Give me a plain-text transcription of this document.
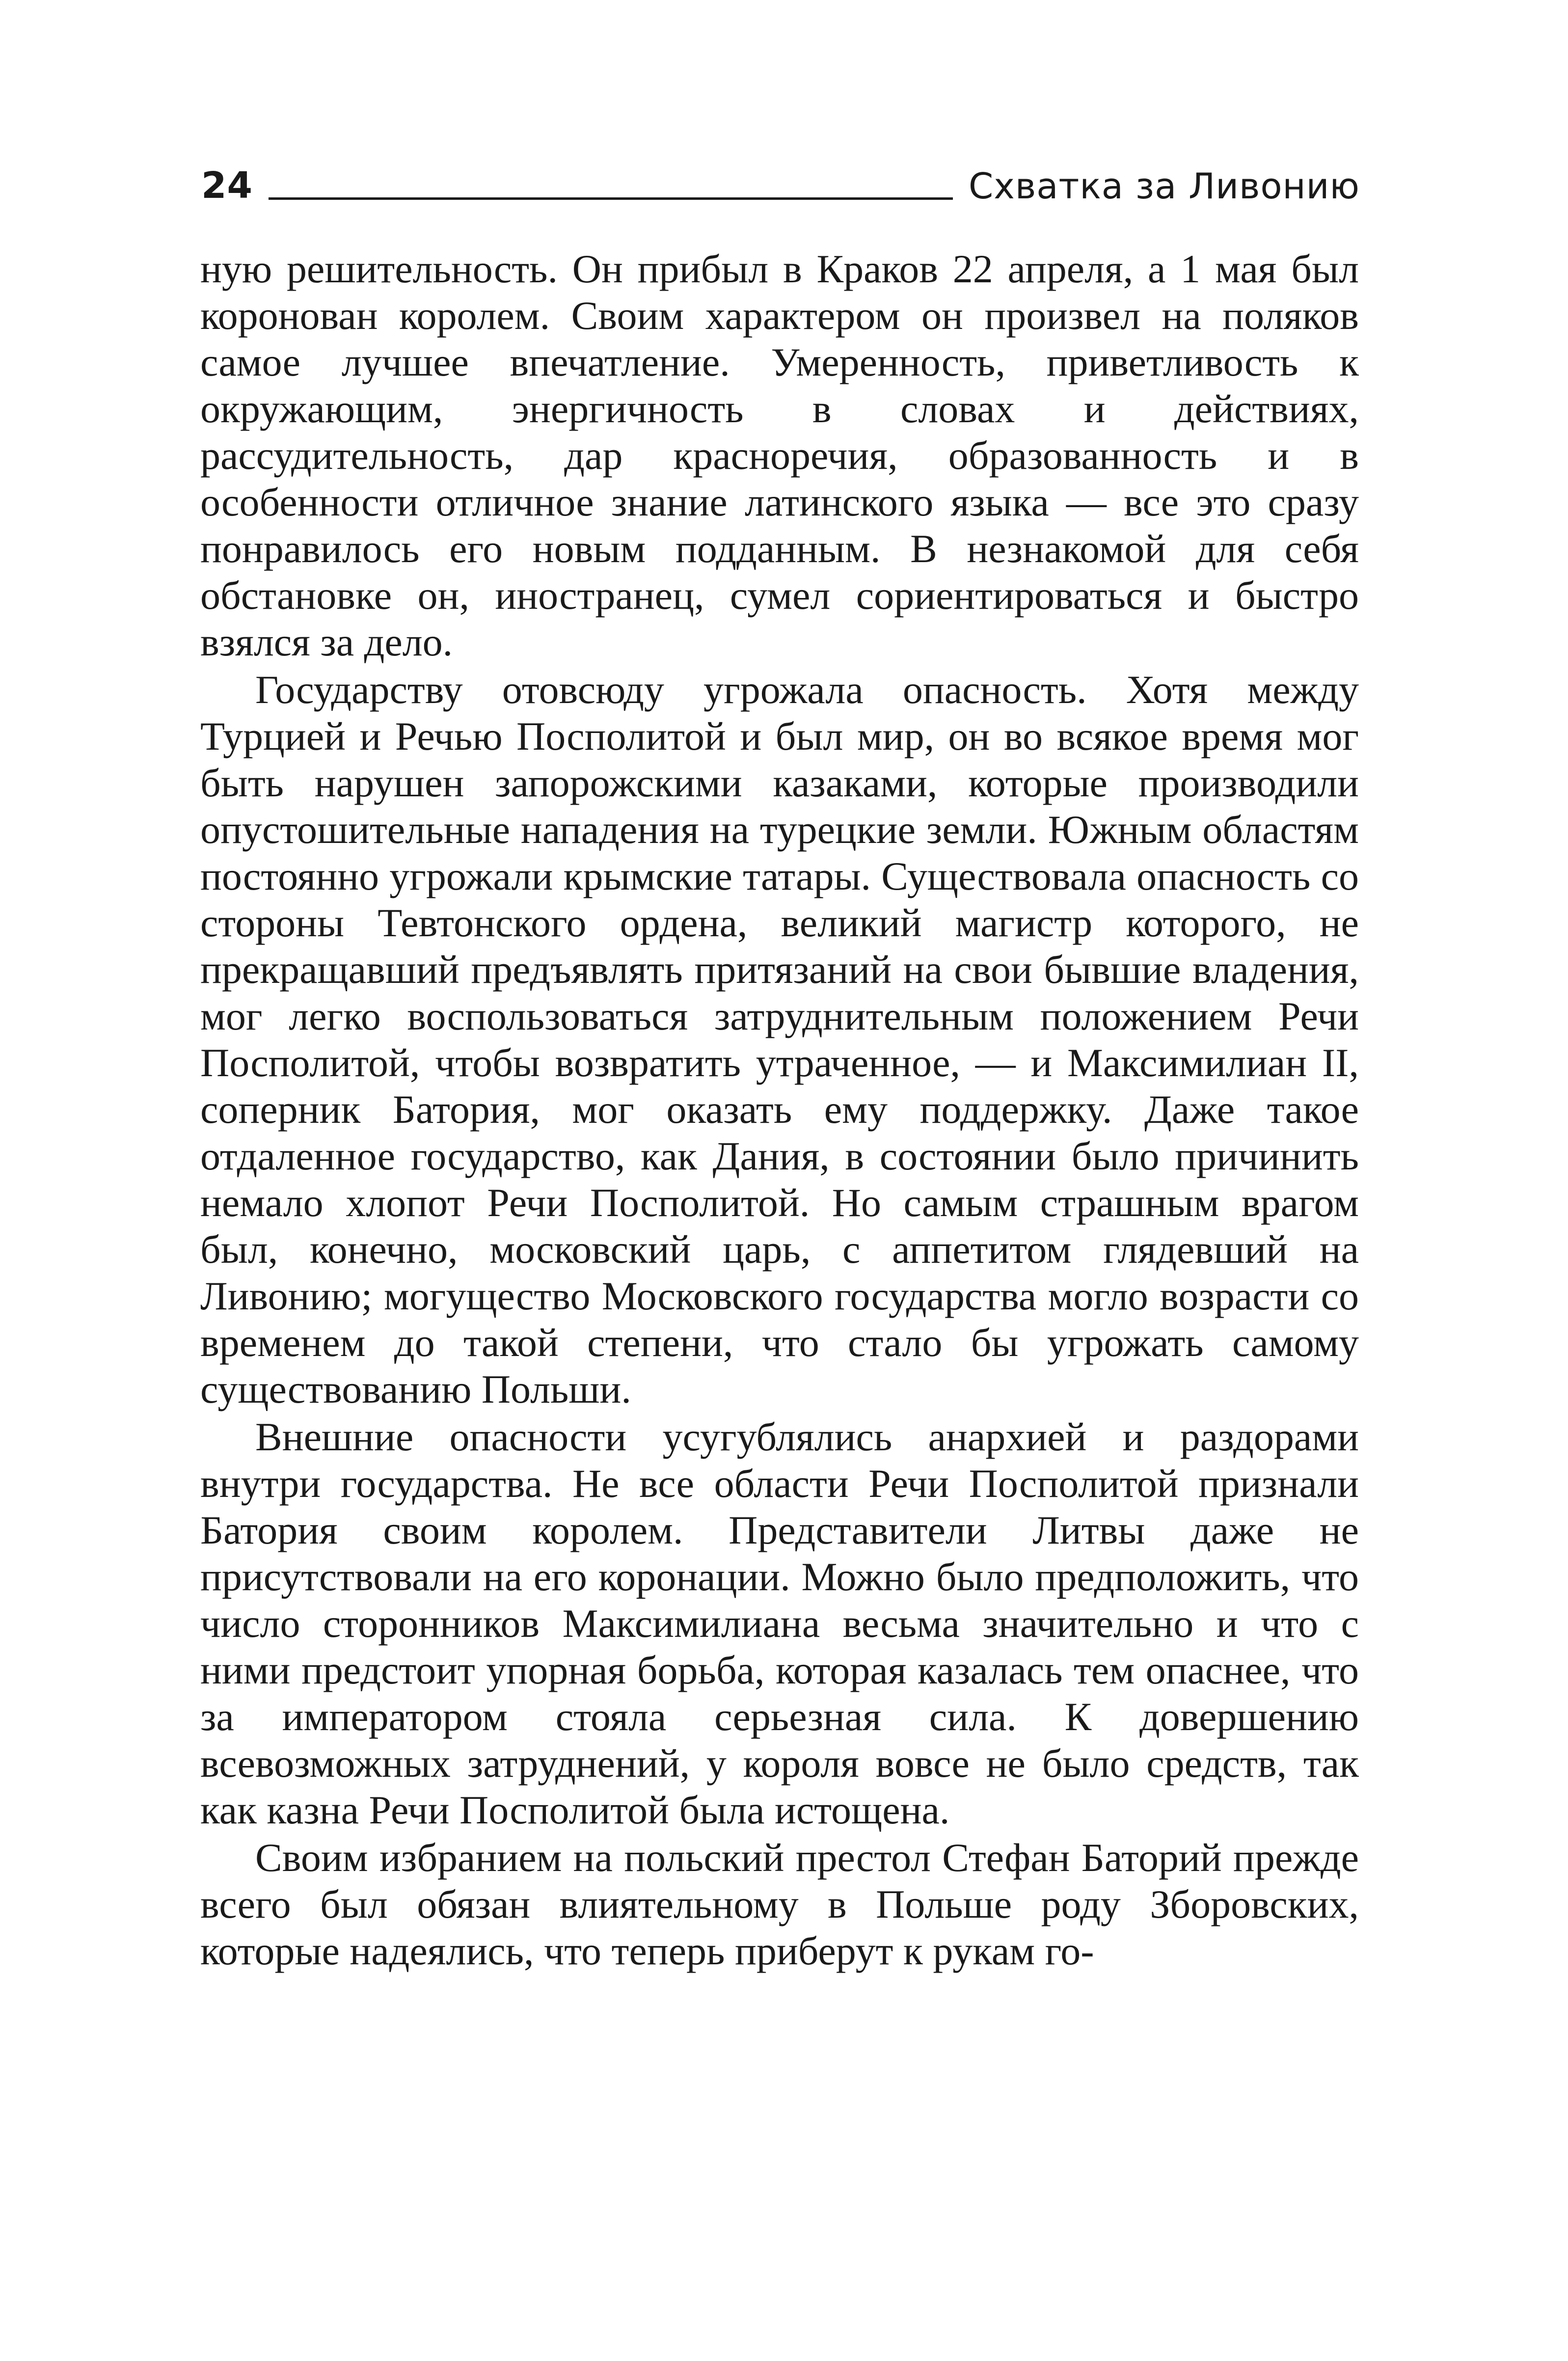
24	Схватка за Ливонию

ную решительность. Он прибыл в Краков 22 апреля, а 1 мая был коронован королем. Своим характером он произвел на поляков самое лучшее впечатление. Умеренность, приветливость к окружающим, энергичность в словах и действиях, рассудительность, дар красноречия, образованность и в особенности отличное знание латинского языка — все это сразу понравилось его новым подданным. В незнакомой для себя обстановке он, иностранец, сумел сориентироваться и быстро взялся за дело.

Государству отовсюду угрожала опасность. Хотя между Турцией и Речью Посполитой и был мир, он во всякое время мог быть нарушен запорожскими казаками, которые производили опустошительные нападения на турецкие земли. Южным областям постоянно угрожали крымские татары. Существовала опасность со стороны Тевтонского ордена, великий магистр которого, не прекращавший предъявлять притязаний на свои бывшие владения, мог легко воспользоваться затруднительным положением Речи Посполитой, чтобы возвратить утраченное, — и Максимилиан II, соперник Батория, мог оказать ему поддержку. Даже такое отдаленное государство, как Дания, в состоянии было причинить немало хлопот Речи Посполитой. Но самым страшным врагом был, конечно, московский царь, с аппетитом глядевший на Ливонию; могущество Московского государства могло возрасти со временем до такой степени, что стало бы угрожать самому существованию Польши.

Внешние опасности усугублялись анархией и раздорами внутри государства. Не все области Речи Посполитой признали Батория своим королем. Представители Литвы даже не присутствовали на его коронации. Можно было предположить, что число сторонников Максимилиана весьма значительно и что с ними предстоит упорная борьба, которая казалась тем опаснее, что за императором стояла серьезная сила. К довершению всевозможных затруднений, у короля вовсе не было средств, так как казна Речи Посполитой была истощена.

Своим избранием на польский престол Стефан Баторий прежде всего был обязан влиятельному в Польше роду Зборовских, которые надеялись, что теперь приберут к рукам го-
